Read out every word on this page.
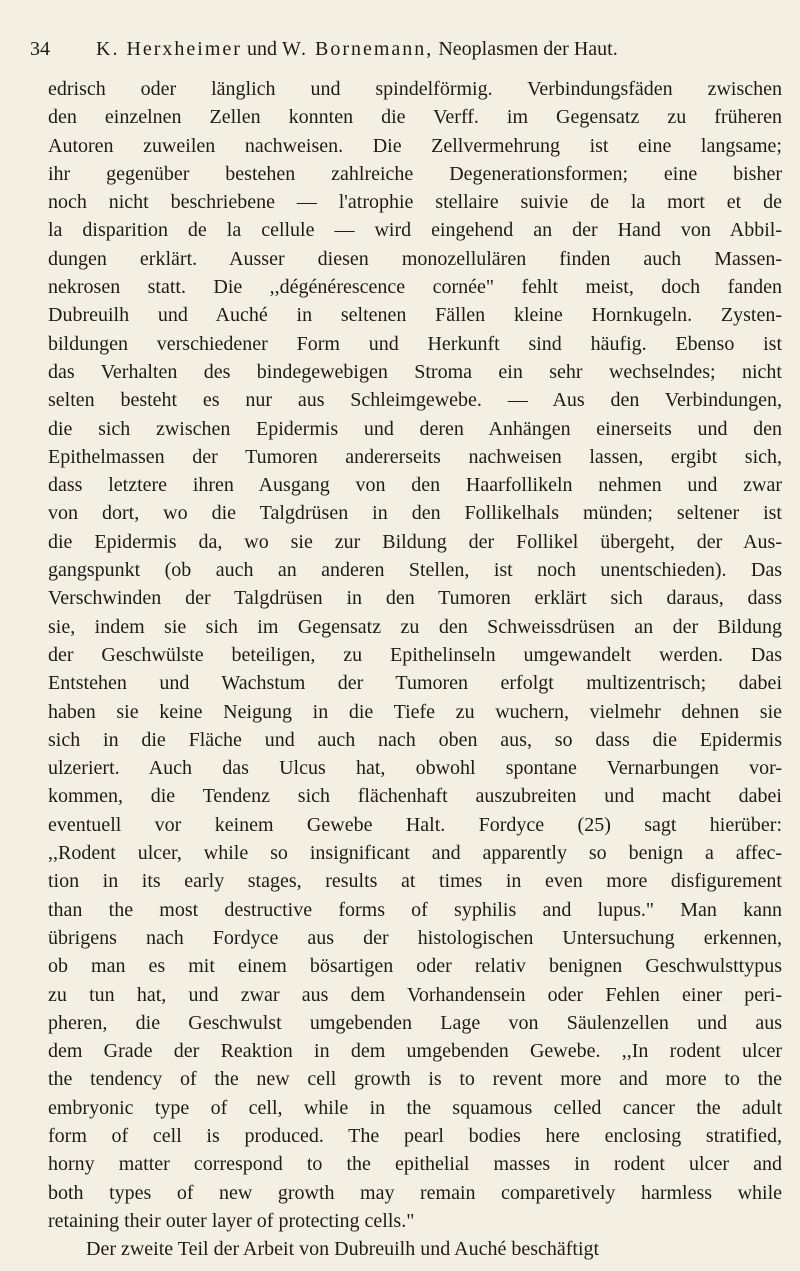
34 K. Herxheimer und W. Bornemann, Neoplasmen der Haut.
edrisch oder länglich und spindelförmig. Verbindungsfäden zwischen
den einzelnen Zellen konnten die Verff. im Gegensatz zu früheren
Autoren zuweilen nachweisen. Die Zellvermehrung ist eine langsame;
ihr gegenüber bestehen zahlreiche Degenerationsformen; eine bisher
noch nicht beschriebene — l'atrophie stellaire suivie de la mort et de
la disparition de la cellule — wird eingehend an der Hand von Abbil-
dungen erklärt. Ausser diesen monozellulären finden auch Massen-
nekrosen statt. Die ,,dégénérescence cornée" fehlt meist, doch fanden
Dubreuilh und Auché in seltenen Fällen kleine Hornkugeln. Zysten-
bildungen verschiedener Form und Herkunft sind häufig. Ebenso ist
das Verhalten des bindegewebigen Stroma ein sehr wechselndes; nicht
selten besteht es nur aus Schleimgewebe. — Aus den Verbindungen,
die sich zwischen Epidermis und deren Anhängen einerseits und den
Epithelmassen der Tumoren andererseits nachweisen lassen, ergibt sich,
dass letztere ihren Ausgang von den Haarfollikeln nehmen und zwar
von dort, wo die Talgdrüsen in den Follikelhals münden; seltener ist
die Epidermis da, wo sie zur Bildung der Follikel übergeht, der Aus-
gangspunkt (ob auch an anderen Stellen, ist noch unentschieden). Das
Verschwinden der Talgdrüsen in den Tumoren erklärt sich daraus, dass
sie, indem sie sich im Gegensatz zu den Schweissdrüsen an der Bildung
der Geschwülste beteiligen, zu Epithelinseln umgewandelt werden. Das
Entstehen und Wachstum der Tumoren erfolgt multizentrisch; dabei
haben sie keine Neigung in die Tiefe zu wuchern, vielmehr dehnen sie
sich in die Fläche und auch nach oben aus, so dass die Epidermis
ulzeriert. Auch das Ulcus hat, obwohl spontane Vernarbungen vor-
kommen, die Tendenz sich flächenhaft auszubreiten und macht dabei
eventuell vor keinem Gewebe Halt. Fordyce (25) sagt hierüber:
,,Rodent ulcer, while so insignificant and apparently so benign a affec-
tion in its early stages, results at times in even more disfigurement
than the most destructive forms of syphilis and lupus." Man kann
übrigens nach Fordyce aus der histologischen Untersuchung erkennen,
ob man es mit einem bösartigen oder relativ benignen Geschwulsttypus
zu tun hat, und zwar aus dem Vorhandensein oder Fehlen einer peri-
pheren, die Geschwulst umgebenden Lage von Säulenzellen und aus
dem Grade der Reaktion in dem umgebenden Gewebe. ,,In rodent ulcer
the tendency of the new cell growth is to revent more and more to the
embryonic type of cell, while in the squamous celled cancer the adult
form of cell is produced. The pearl bodies here enclosing stratified,
horny matter correspond to the epithelial masses in rodent ulcer and
both types of new growth may remain comparetively harmless while
retaining their outer layer of protecting cells."
Der zweite Teil der Arbeit von Dubreuilh und Auché beschäftigt
